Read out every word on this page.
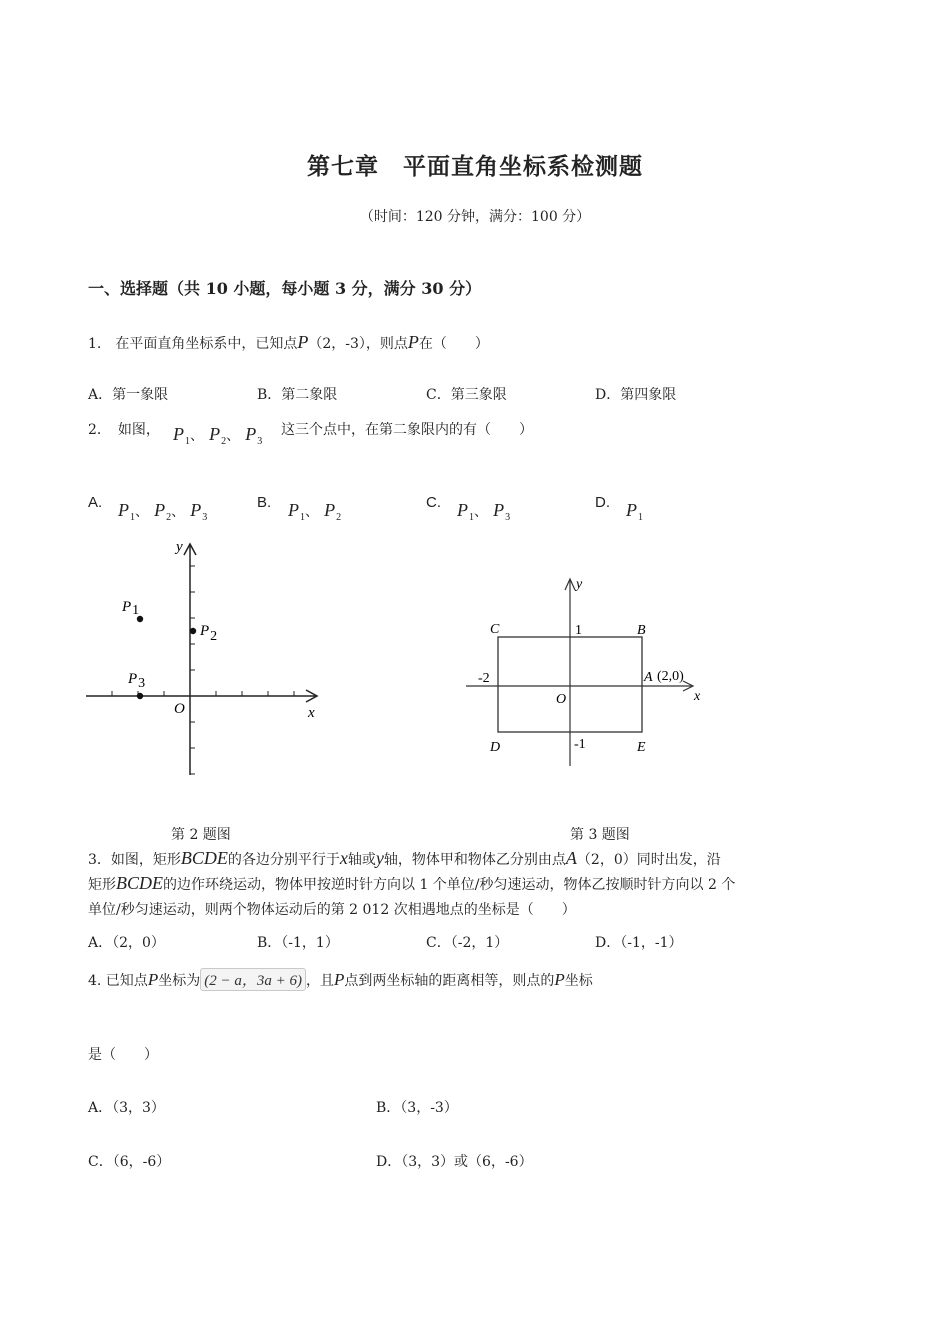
第七章　平面直角坐标系检测题
（时间：120 分钟，满分：100 分）
一、选择题（共 10 小题，每小题 3 分，满分 30 分）
1.　在平面直角坐标系中，已知点P（2，-3），则点P在（　　）
A．第一象限	B．第二象限	C．第三象限	D．第四象限
2．　如图， $P_1$、 $P_2$、 $P_3$
这三个点中，在第二象限内的有（　　）
A. $P_1$、 $P_2$、 $P_3$
B. $P_1$、 $P_2$
C. $P_1$、 $P_3$
D. $P_1$
y
x
O
P1
P2
P3
y
x
O
C	B
D	E
A (2,0)
1
-1
-2
第 2 题图	第 3 题图
3．如图，矩形BCDE的各边分别平行于x轴或y轴，物体甲和物体乙分别由点A（2，0）同时出发，沿
矩形BCDE的边作环绕运动，物体甲按逆时针方向以 1 个单位/秒匀速运动，物体乙按顺时针方向以 2 个
单位/秒匀速运动，则两个物体运动后的第 2 012 次相遇地点的坐标是（　　）
A．（2，0）	B．（-1，1）	C．（-2，1）	D．（-1，-1）
4. 已知点P坐标为 (2 − a，3a + 6) ，且P点到两坐标轴的距离相等，则点的P坐标
是（　　）
A．（3，3）	B．（3，-3）
C．（6，-6）	D．（3，3）或（6，-6）
